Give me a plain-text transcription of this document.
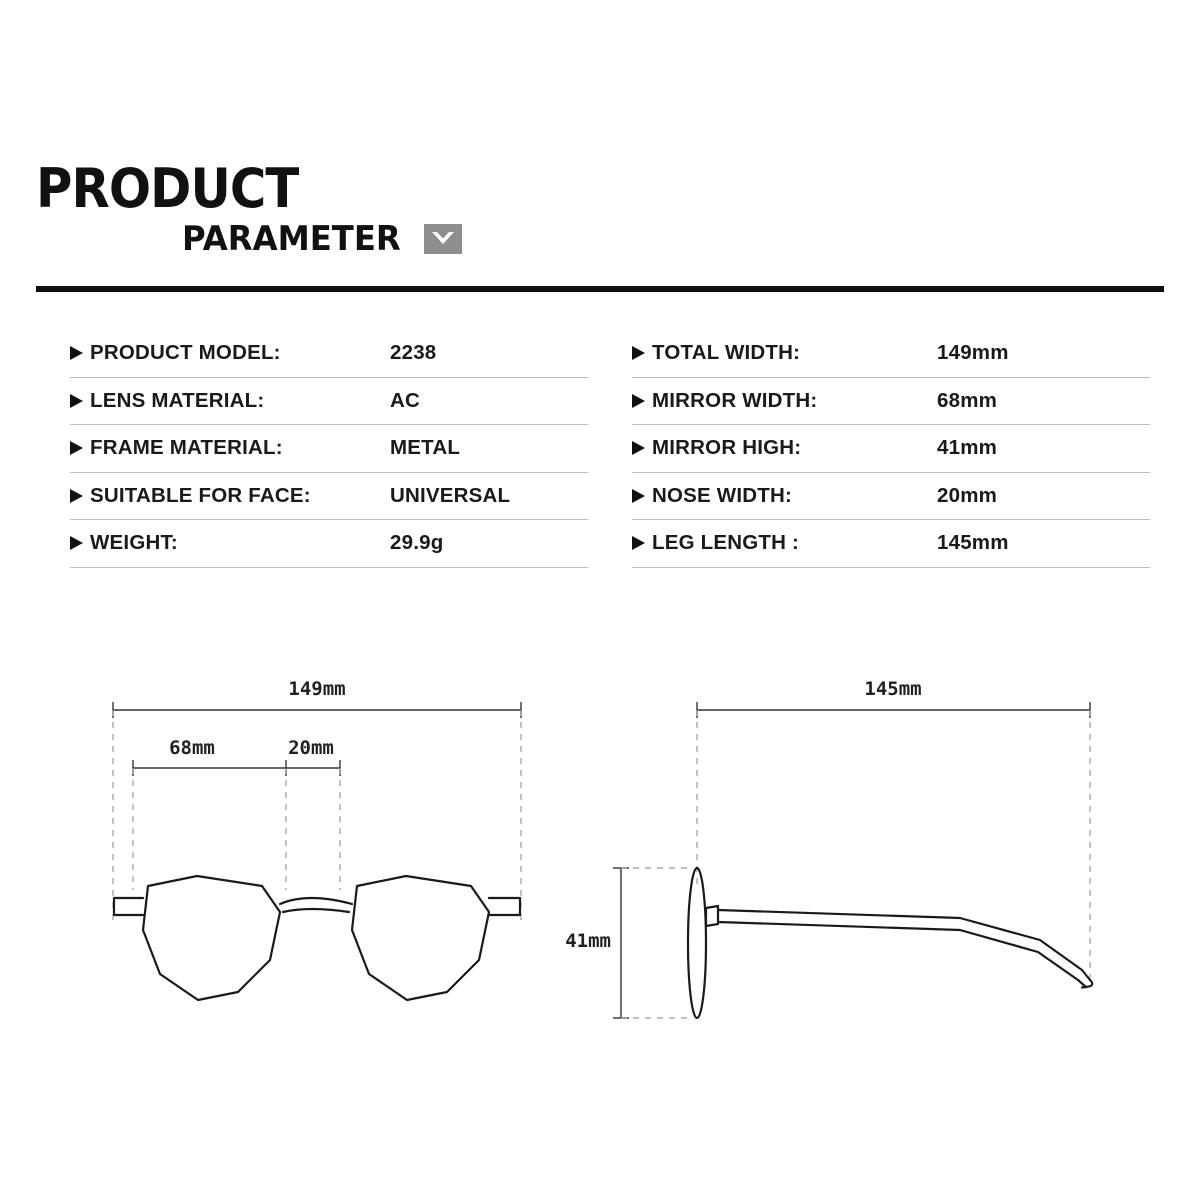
PRODUCT
PARAMETER
PRODUCT MODEL:	2238
LENS MATERIAL:	AC
FRAME MATERIAL:	METAL
SUITABLE FOR FACE:	UNIVERSAL
WEIGHT:	29.9g
TOTAL WIDTH:	149mm
MIRROR WIDTH:	68mm
MIRROR HIGH:	41mm
NOSE WIDTH:	20mm
LEG LENGTH :	145mm
149mm
68mm	20mm
145mm
41mm
